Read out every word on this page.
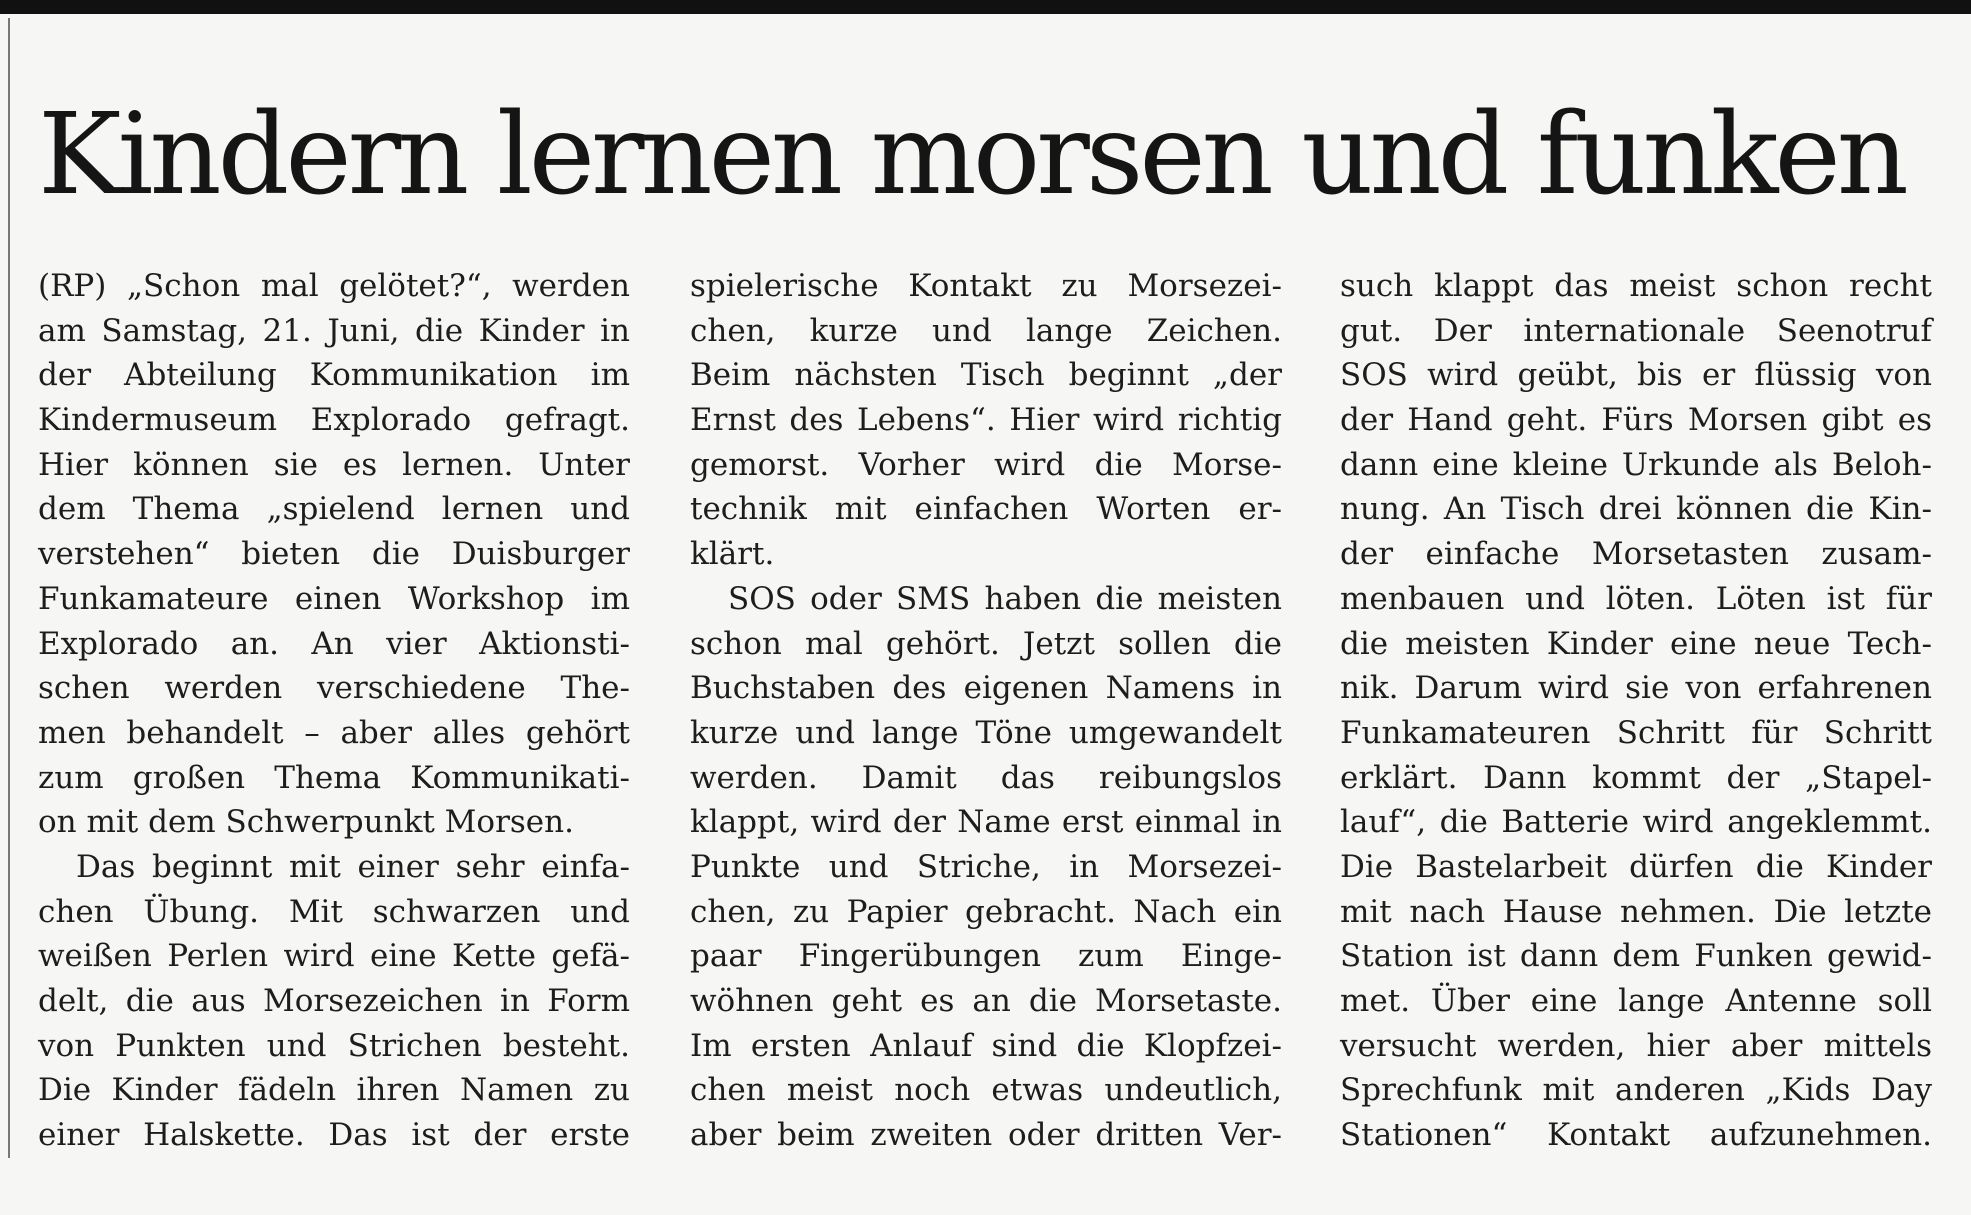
Kindern lernen morsen und funken
(RP) „Schon mal gelötet?“, werden
am Samstag, 21. Juni, die Kinder in
der Abteilung Kommunikation im
Kindermuseum Explorado gefragt.
Hier können sie es lernen. Unter
dem Thema „spielend lernen und
verstehen“ bieten die Duisburger
Funkamateure einen Workshop im
Explorado an. An vier Aktionsti-
schen werden verschiedene The-
men behandelt – aber alles gehört
zum großen Thema Kommunikati-
on mit dem Schwerpunkt Morsen.
Das beginnt mit einer sehr einfa-
chen Übung. Mit schwarzen und
weißen Perlen wird eine Kette gefä-
delt, die aus Morsezeichen in Form
von Punkten und Strichen besteht.
Die Kinder fädeln ihren Namen zu
einer Halskette. Das ist der erste
spielerische Kontakt zu Morsezei-
chen, kurze und lange Zeichen.
Beim nächsten Tisch beginnt „der
Ernst des Lebens“. Hier wird richtig
gemorst. Vorher wird die Morse-
technik mit einfachen Worten er-
klärt.
SOS oder SMS haben die meisten
schon mal gehört. Jetzt sollen die
Buchstaben des eigenen Namens in
kurze und lange Töne umgewandelt
werden. Damit das reibungslos
klappt, wird der Name erst einmal in
Punkte und Striche, in Morsezei-
chen, zu Papier gebracht. Nach ein
paar Fingerübungen zum Einge-
wöhnen geht es an die Morsetaste.
Im ersten Anlauf sind die Klopfzei-
chen meist noch etwas undeutlich,
aber beim zweiten oder dritten Ver-
such klappt das meist schon recht
gut. Der internationale Seenotruf
SOS wird geübt, bis er flüssig von
der Hand geht. Fürs Morsen gibt es
dann eine kleine Urkunde als Beloh-
nung. An Tisch drei können die Kin-
der einfache Morsetasten zusam-
menbauen und löten. Löten ist für
die meisten Kinder eine neue Tech-
nik. Darum wird sie von erfahrenen
Funkamateuren Schritt für Schritt
erklärt. Dann kommt der „Stapel-
lauf“, die Batterie wird angeklemmt.
Die Bastelarbeit dürfen die Kinder
mit nach Hause nehmen. Die letzte
Station ist dann dem Funken gewid-
met. Über eine lange Antenne soll
versucht werden, hier aber mittels
Sprechfunk mit anderen „Kids Day
Stationen“ Kontakt aufzunehmen.
